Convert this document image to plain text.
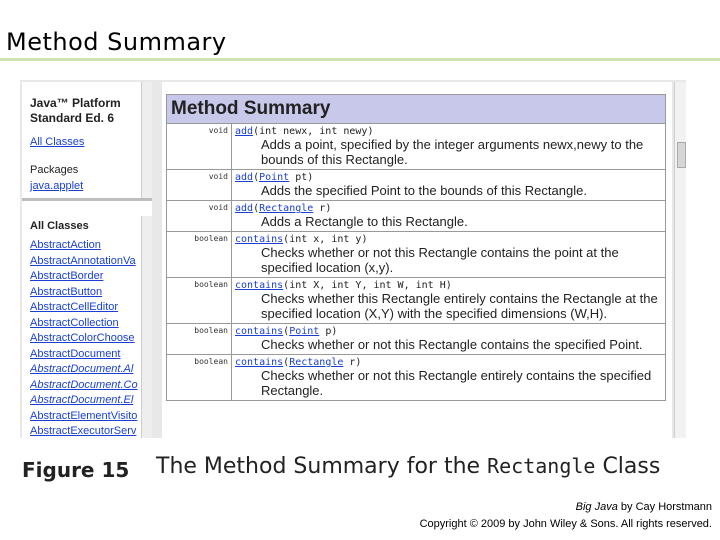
Method Summary
Java™ Platform Standard Ed. 6
All Classes
Packages
java.applet
All Classes
AbstractAction
AbstractAnnotationVa
AbstractBorder
AbstractButton
AbstractCellEditor
AbstractCollection
AbstractColorChoose
AbstractDocument
AbstractDocument.Al
AbstractDocument.Co
AbstractDocument.El
AbstractElementVisito
AbstractExecutorServ
Method Summary	
void	add(int newx, int newy)
Adds a point, specified by the integer arguments newx,newy to the bounds of this Rectangle.

void	add(Point pt)
Adds the specified Point to the bounds of this Rectangle.

void	add(Rectangle r)
Adds a Rectangle to this Rectangle.

boolean	contains(int x, int y)
Checks whether or not this Rectangle contains the point at the specified location (x,y).

boolean	contains(int X, int Y, int W, int H)
Checks whether this Rectangle entirely contains the Rectangle at the specified location (X,Y) with the specified dimensions (W,H).

boolean	contains(Point p)
Checks whether or not this Rectangle contains the specified Point.

boolean	contains(Rectangle r)
Checks whether or not this Rectangle entirely contains the specified Rectangle.
Figure 15 The Method Summary for the Rectangle Class
Big Java by Cay Horstmann
Copyright © 2009 by John Wiley & Sons. All rights reserved.
